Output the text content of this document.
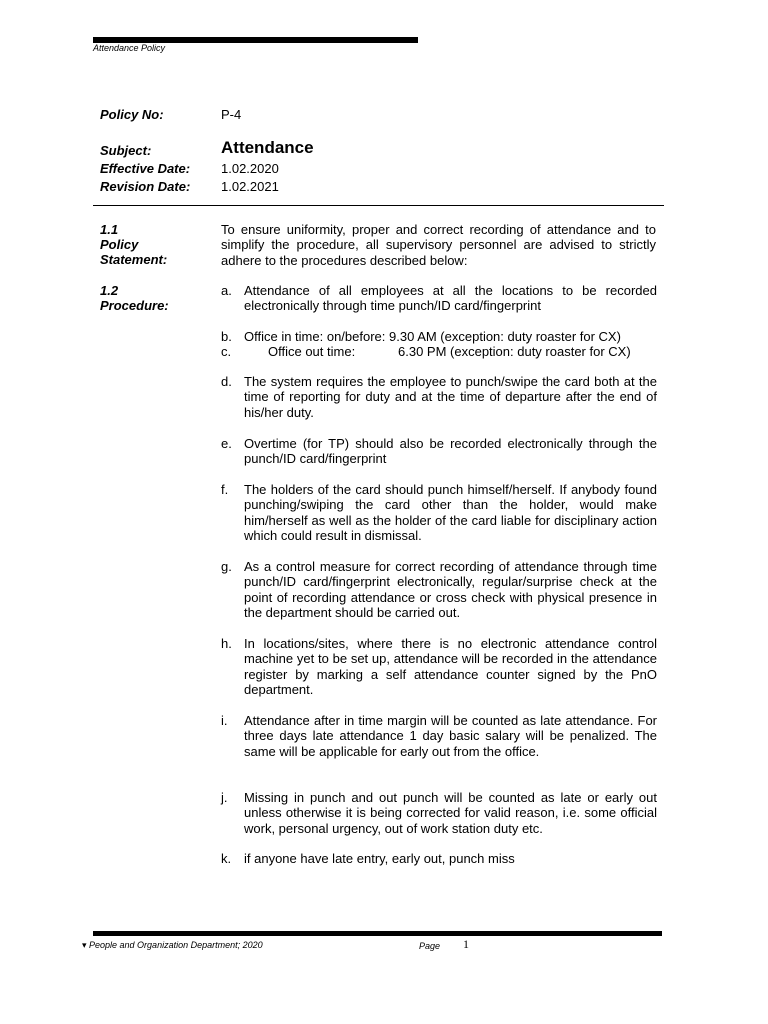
Attendance Policy
Policy No:	P-4
Subject:	Attendance
Effective Date:	1.02.2020
Revision Date:	1.02.2021
1.1
Policy
Statement:
To ensure uniformity, proper and correct recording of attendance and to simplify the procedure, all supervisory personnel are advised to strictly adhere to the procedures described below:
1.2
Procedure:
a. Attendance of all employees at all the locations to be recorded electronically through time punch/ID card/fingerprint
b. Office in time: on/before: 9.30 AM (exception: duty roaster for CX)
c.	Office out time:	6.30 PM (exception: duty roaster for CX)
d. The system requires the employee to punch/swipe the card both at the time of reporting for duty and at the time of departure after the end of his/her duty.
e. Overtime (for TP) should also be recorded electronically through the punch/ID card/fingerprint
f.	The holders of the card should punch himself/herself. If anybody found punching/swiping the card other than the holder, would make him/herself as well as the holder of the card liable for disciplinary action which could result in dismissal.
g. As a control measure for correct recording of attendance through time punch/ID card/fingerprint electronically, regular/surprise check at the point of recording attendance or cross check with physical presence in the department should be carried out.
h. In locations/sites, where there is no electronic attendance control machine yet to be set up, attendance will be recorded in the attendance register by marking a self attendance counter signed by the PnO department.
i.	Attendance after in time margin will be counted as late attendance. For three days late attendance 1 day basic salary will be penalized. The same will be applicable for early out from the office.
j.	Missing in punch and out punch will be counted as late or early out unless otherwise it is being corrected for valid reason, i.e. some official work, personal urgency, out of work station duty etc.
k. if anyone have late entry, early out, punch miss
▾ People and Organization Department; 2020	Page 1
